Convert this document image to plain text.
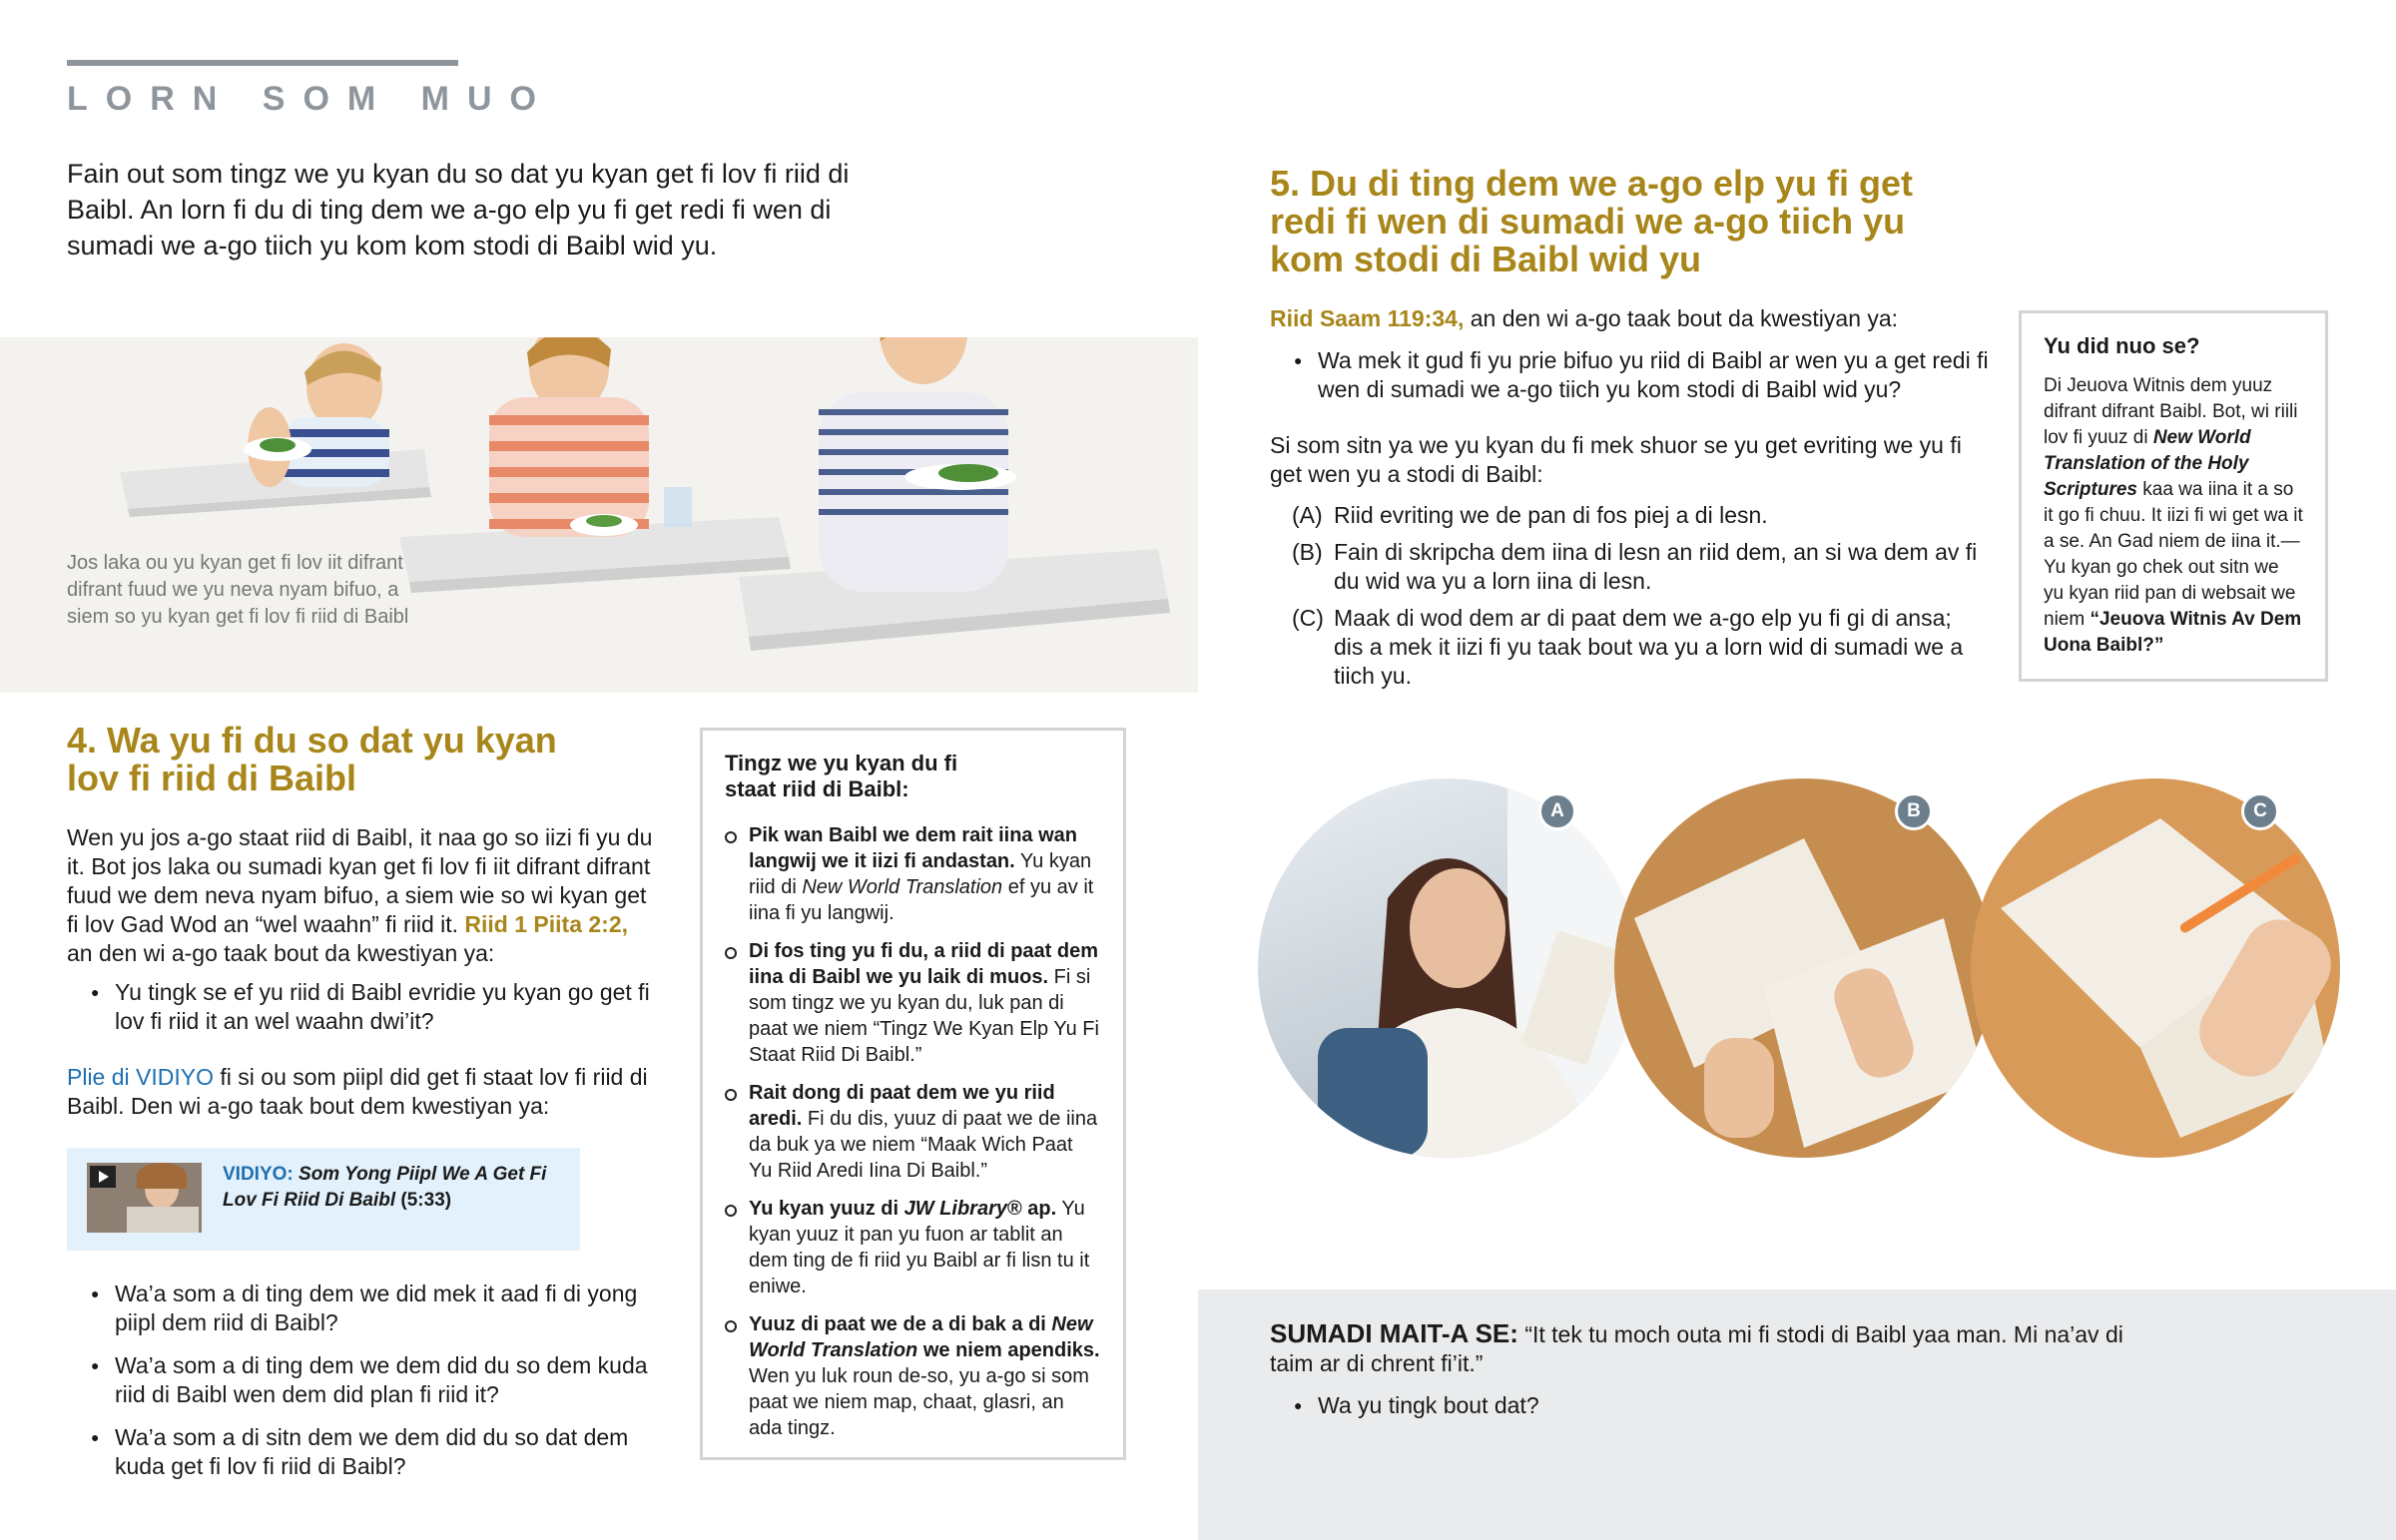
LORN SOM MUO

Fain out som tingz we yu kyan du so dat yu kyan get fi lov fi riid di Baibl. An lorn fi du di ting dem we a-go elp yu fi get redi fi wen di sumadi we a-go tiich yu kom kom stodi di Baibl wid yu.

Jos laka ou yu kyan get fi lov iit difrant difrant fuud we yu neva nyam bifuo, a siem so yu kyan get fi lov fi riid di Baibl

4. Wa yu fi du so dat yu kyan lov fi riid di Baibl

Wen yu jos a-go staat riid di Baibl, it naa go so iizi fi yu du it. Bot jos laka ou sumadi kyan get fi lov fi iit difrant difrant fuud we dem neva nyam bifuo, a siem wie so wi kyan get fi lov Gad Wod an “wel waahn” fi riid it. Riid 1 Piita 2:2, an den wi a-go taak bout da kwestiyan ya:

● Yu tingk se ef yu riid di Baibl evridie yu kyan go get fi lov fi riid it an wel waahn dwi’it?

Plie di VIDIYO fi si ou som piipl did get fi staat lov fi riid di Baibl. Den wi a-go taak bout dem kwestiyan ya:

VIDIYO: Som Yong Piipl We A Get Fi Lov Fi Riid Di Baibl (5:33)
● Wa’a som a di ting dem we did mek it aad fi di yong piipl dem riid di Baibl?
● Wa’a som a di ting dem we dem did du so dem kuda riid di Baibl wen dem did plan fi riid it?
● Wa’a som a di sitn dem we dem did du so dat dem kuda get fi lov fi riid di Baibl?
Tingz we yu kyan du fi staat riid di Baibl:
Pik wan Baibl we dem rait iina wan langwij we it iizi fi andastan. Yu kyan riid di New World Translation ef yu av it iina fi yu langwij.
Di fos ting yu fi du, a riid di paat dem iina di Baibl we yu laik di muos. Fi si som tingz we yu kyan du, luk pan di paat we niem “Tingz We Kyan Elp Yu Fi Staat Riid Di Baibl.”
Rait dong di paat dem we yu riid aredi. Fi du dis, yuuz di paat we de iina da buk ya we niem “Maak Wich Paat Yu Riid Aredi Iina Di Baibl.”
Yu kyan yuuz di JW Library® ap. Yu kyan yuuz it pan yu fuon ar tablit an dem ting de fi riid yu Baibl ar fi lisn tu it eniwe.
Yuuz di paat we de a di bak a di New World Translation we niem apendiks. Wen yu luk roun de-so, yu a-go si som paat we niem map, chaat, glasri, an ada tingz.
5. Du di ting dem we a-go elp yu fi get redi fi wen di sumadi we a-go tiich yu kom stodi di Baibl wid yu

Riid Saam 119:34, an den wi a-go taak bout da kwestiyan ya:

● Wa mek it gud fi yu prie bifuo yu riid di Baibl ar wen yu a get redi fi wen di sumadi we a-go tiich yu kom stodi di Baibl wid yu?

Si som sitn ya we yu kyan du fi mek shuor se yu get evriting we yu fi get wen yu a stodi di Baibl:

(A) Riid evriting we de pan di fos piej a di lesn.
(B) Fain di skripcha dem iina di lesn an riid dem, an si wa dem av fi du wid wa yu a lorn iina di lesn.
(C) Maak di wod dem ar di paat dem we a-go elp yu fi gi di ansa; dis a mek it iizi fi yu taak bout wa yu a lorn wid di sumadi we a tiich yu.
Yu did nuo se?
Di Jeuova Witnis dem yuuz difrant difrant Baibl. Bot, wi riili lov fi yuuz di New World Translation of the Holy Scriptures kaa wa iina it a so it go fi chuu. It iizi fi wi get wa it a se. An Gad niem de iina it.—Yu kyan go chek out sitn we yu kyan riid pan di websait we niem “Jeuova Witnis Av Dem Uona Baibl?”
A	B	C

SUMADI MAIT-A SE: “It tek tu moch outa mi fi stodi di Baibl yaa man. Mi na’av di taim ar di chrent fi’it.”

● Wa yu tingk bout dat?
